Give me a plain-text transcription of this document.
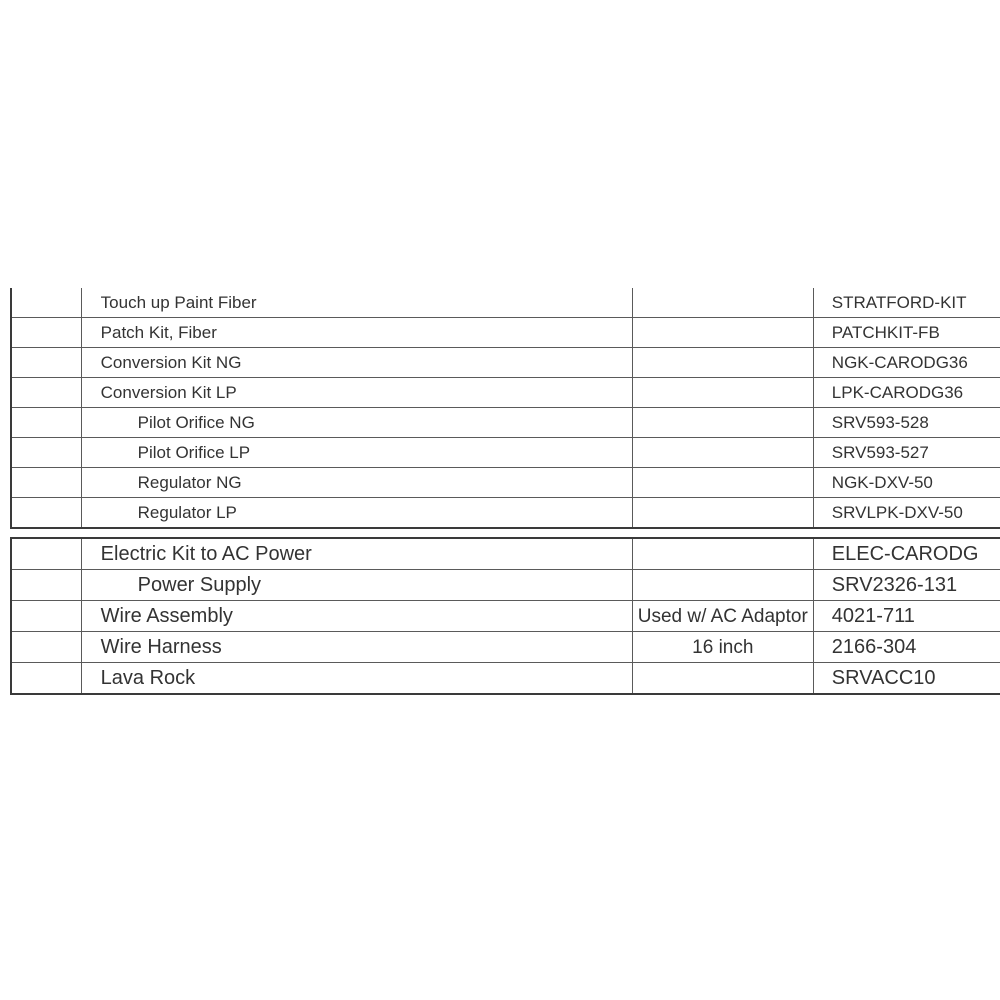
	Touch up Paint Fiber		STRATFORD-KIT
	Patch Kit, Fiber		PATCHKIT-FB
	Conversion Kit NG		NGK-CARODG36
	Conversion Kit LP		LPK-CARODG36
	Pilot Orifice NG		SRV593-528
	Pilot Orifice LP		SRV593-527
	Regulator NG		NGK-DXV-50
	Regulator LP		SRVLPK-DXV-50
	Electric Kit to AC Power		ELEC-CARODG
	Power Supply		SRV2326-131
	Wire Assembly	Used w/ AC Adaptor	4021-711
	Wire Harness	16 inch	2166-304
	Lava Rock		SRVACC10
